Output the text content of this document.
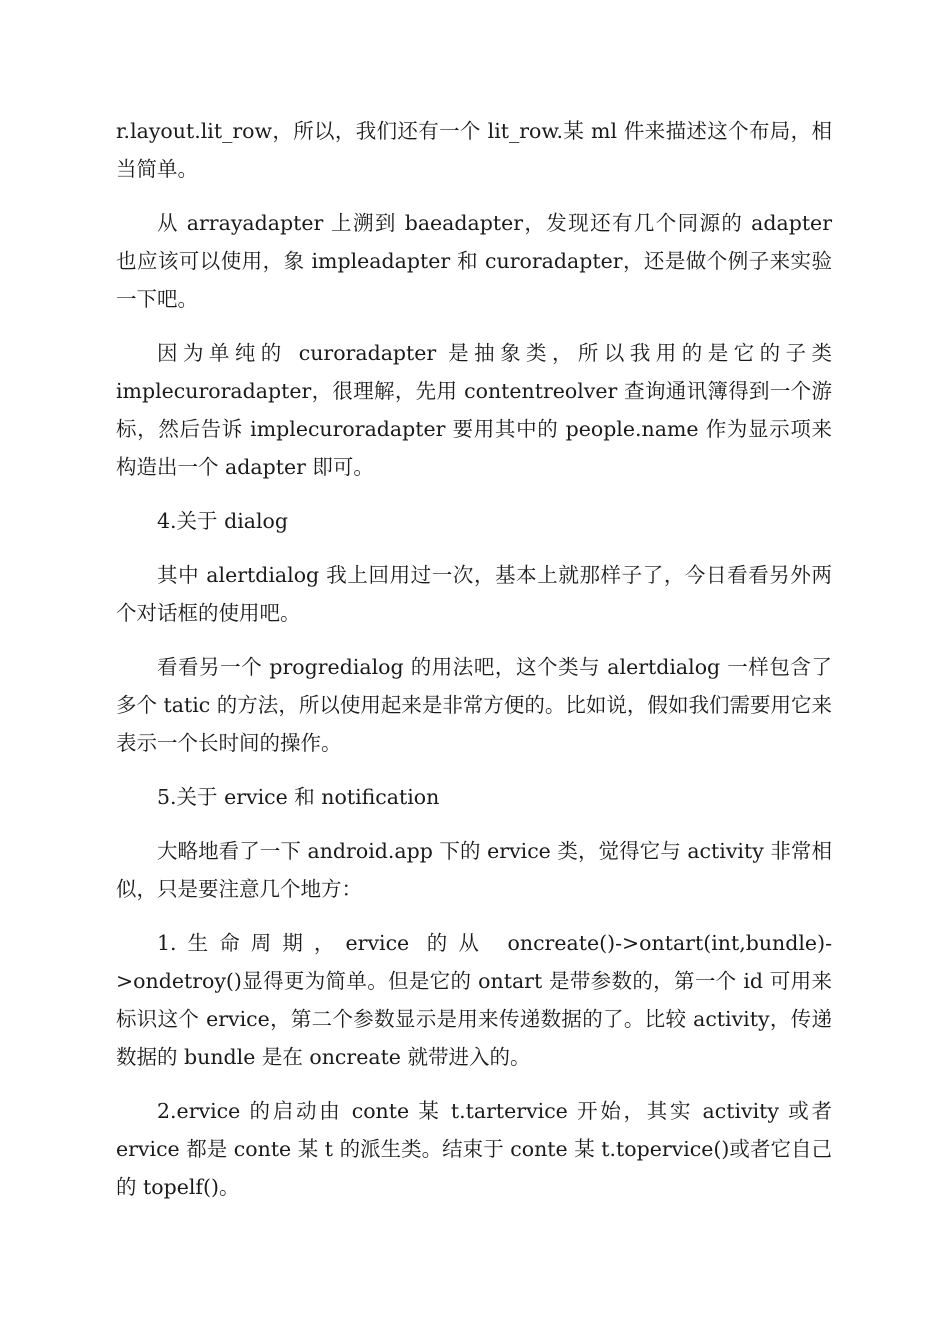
r.layout.lit_row，所以，我们还有一个 lit_row.某 ml 件来描述这个布局，相当简单。

从 arrayadapter 上溯到 baeadapter，发现还有几个同源的 adapter 也应该可以使用，象 impleadapter 和 curoradapter，还是做个例子来实验一下吧。

因为单纯的 curoradapter 是抽象类，所以我用的是它的子类 implecuroradapter，很理解，先用 contentreolver 查询通讯簿得到一个游标，然后告诉 implecuroradapter 要用其中的 people.name 作为显示项来构造出一个 adapter 即可。

4.关于 dialog

其中 alertdialog 我上回用过一次，基本上就那样子了，今日看看另外两个对话框的使用吧。

看看另一个 progredialog 的用法吧，这个类与 alertdialog 一样包含了多个 tatic 的方法，所以使用起来是非常方便的。比如说，假如我们需要用它来表示一个长时间的操作。

5.关于 ervice 和 notification

大略地看了一下 android.app 下的 ervice 类，觉得它与 activity 非常相似，只是要注意几个地方：

1.生命周期，ervice 的从 oncreate()->ontart(int,bundle)->ondetroy()显得更为简单。但是它的 ontart 是带参数的，第一个 id 可用来标识这个 ervice，第二个参数显示是用来传递数据的了。比较 activity，传递数据的 bundle 是在 oncreate 就带进入的。

2.ervice 的启动由 conte 某 t.tartervice 开始，其实 activity 或者 ervice 都是 conte 某 t 的派生类。结束于 conte 某 t.topervice()或者它自己的 topelf()。
